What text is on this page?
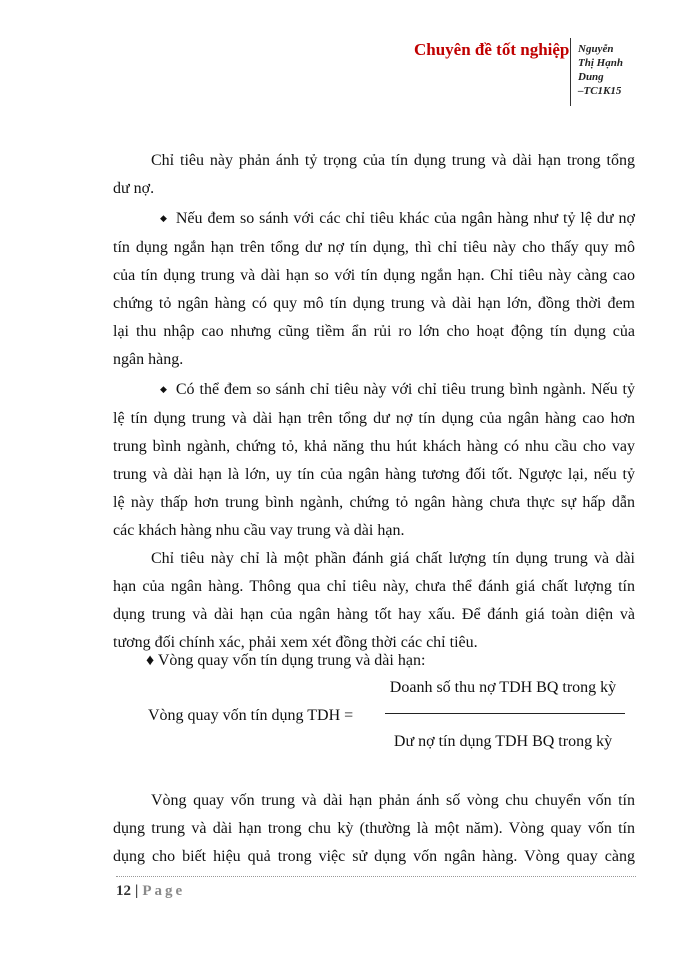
Chuyên đề tốt nghiệp Nguyễn
Thị Hạnh
Dung
–TC1K15
Chỉ tiêu này phản ánh tỷ trọng của tín dụng trung và dài hạn trong tổng
dư nợ.
◆ Nếu đem so sánh với các chỉ tiêu khác của ngân hàng như tỷ lệ dư nợ
tín dụng ngắn hạn trên tổng dư nợ tín dụng, thì chỉ tiêu này cho thấy quy mô
của tín dụng trung và dài hạn so với tín dụng ngắn hạn. Chỉ tiêu này càng cao
chứng tỏ ngân hàng có quy mô tín dụng trung và dài hạn lớn, đồng thời đem
lại thu nhập cao nhưng cũng tiềm ẩn rủi ro lớn cho hoạt động tín dụng của
ngân hàng.
◆ Có thể đem so sánh chỉ tiêu này với chỉ tiêu trung bình ngành. Nếu tỷ
lệ tín dụng trung và dài hạn trên tổng dư nợ tín dụng của ngân hàng cao hơn
trung bình ngành, chứng tỏ, khả năng thu hút khách hàng có nhu cầu cho vay
trung và dài hạn là lớn, uy tín của ngân hàng tương đối tốt. Ngược lại, nếu tỷ
lệ này thấp hơn trung bình ngành, chứng tỏ ngân hàng chưa thực sự hấp dẫn
các khách hàng nhu cầu vay trung và dài hạn.
Chỉ tiêu này chỉ là một phần đánh giá chất lượng tín dụng trung và dài
hạn của ngân hàng. Thông qua chỉ tiêu này, chưa thể đánh giá chất lượng tín
dụng trung và dài hạn của ngân hàng tốt hay xấu. Để đánh giá toàn diện và
tương đối chính xác, phải xem xét đồng thời các chỉ tiêu.
♦ Vòng quay vốn tín dụng trung và dài hạn:
Vòng quay vốn trung và dài hạn phản ánh số vòng chu chuyển vốn tín
dụng trung và dài hạn trong chu kỳ (thường là một năm). Vòng quay vốn tín
dụng cho biết hiệu quả trong việc sử dụng vốn ngân hàng. Vòng quay càng
Vòng quay vốn tín dụng TDH =
Doanh số thu nợ TDH BQ trong kỳ
Dư nợ tín dụng TDH BQ trong kỳ
12 | Page
